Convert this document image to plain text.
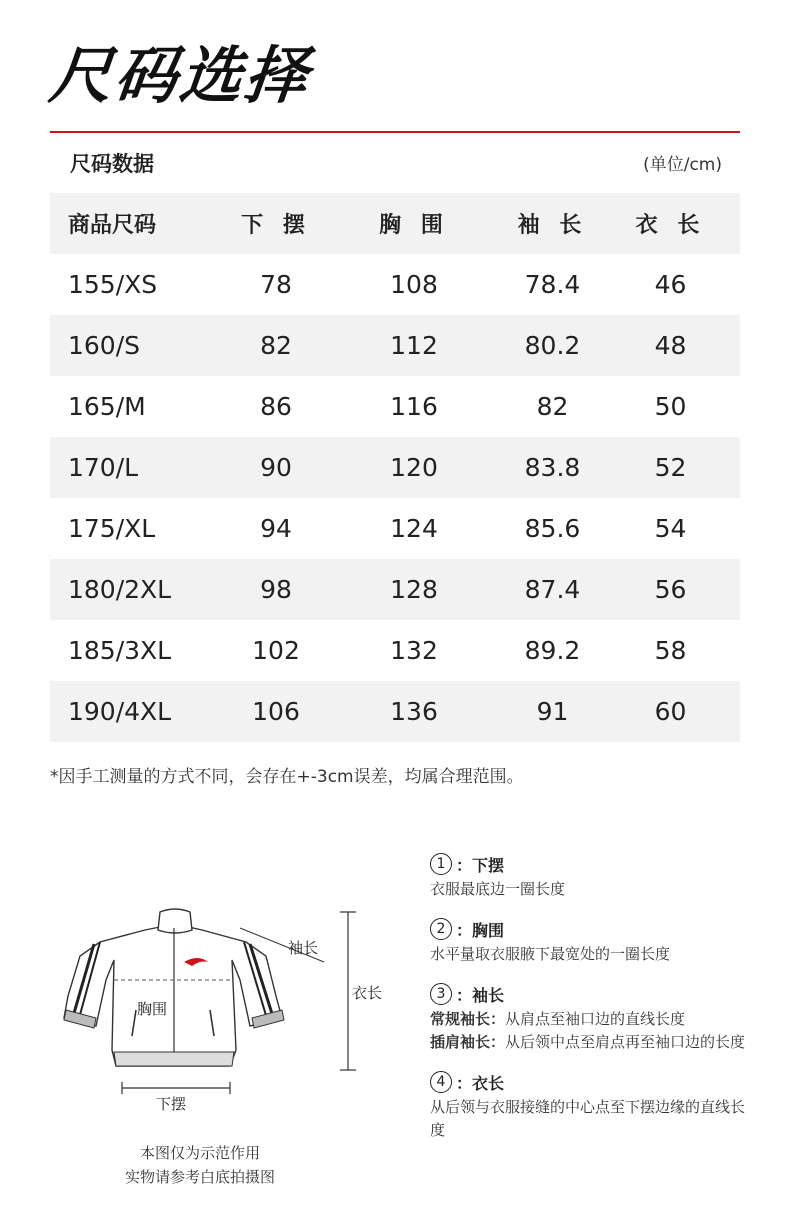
尺码选择
尺码数据	(单位/cm)
商品尺码	下 摆	胸 围	袖 长	衣 长
155/XS	78	108	78.4	46
160/S	82	112	80.2	48
165/M	86	116	82	50
170/L	90	120	83.8	52
175/XL	94	124	85.6	54
180/2XL	98	128	87.4	56
185/3XL	102	132	89.2	58
190/4XL	106	136	91	60
*因手工测量的方式不同，会存在+-3cm误差，均属合理范围。
袖长
衣长
胸围
下摆
本图仅为示范作用
实物请参考白底拍摄图
1 ： 下摆
衣服最底边一圈长度
2 ： 胸围
水平量取衣服腋下最宽处的一圈长度
3 ： 袖长
常规袖长： 从肩点至袖口边的直线长度
插肩袖长： 从后领中点至肩点再至袖口边的长度
4 ： 衣长
从后领与衣服接缝的中心点至下摆边缘的直线长度
